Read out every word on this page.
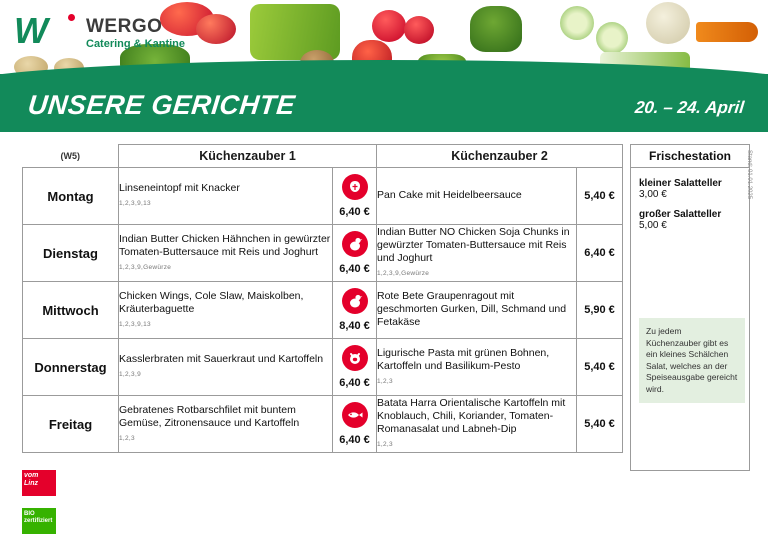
W WERGO
Catering & Kantine
UNSERE GERICHTE	20. – 24. April
(W5)	Küchenzauber 1		Küchenzauber 2	
Montag	Linseneintopf mit Knacker
1,2,3,9,13	6,40 €	Pan Cake mit Heidelbeersauce	5,40 €
Dienstag	Indian Butter Chicken Hähnchen in gewürzter Tomaten-Buttersauce mit Reis und Joghurt
1,2,3,9,Gewürze	6,40 €	Indian Butter NO Chicken Soja Chunks in gewürzter Tomaten-Buttersauce mit Reis und Joghurt
1,2,3,9,Gewürze	6,40 €
Mittwoch	Chicken Wings, Cole Slaw, Maiskolben, Kräuterbaguette
1,2,3,9,13	8,40 €	Rote Bete Graupenragout mit geschmorten Gurken, Dill, Schmand und Fetakäse	5,90 €
Donnerstag	Kasslerbraten mit Sauerkraut und Kartoffeln
1,2,3,9	6,40 €	Ligurische Pasta mit grünen Bohnen, Kartoffeln und Basilikum-Pesto
1,2,3	5,40 €
Freitag	Gebratenes Rotbarschfilet mit buntem Gemüse, Zitronensauce und Kartoffeln
1,2,3	6,40 €	Batata Harra Orientalische Kartoffeln mit Knoblauch, Chili, Koriander, Tomaten-Romanasalat und Labneh-Dip
1,2,3	5,40 €
Frischestation
kleiner Salatteller
3,00 €
großer Salatteller
5,00 €
Zu jedem Küchenzauber gibt es ein kleines Schälchen Salat, welches an der Speiseausgabe gereicht wird.
Stand: 01.01.2025
vom Linz
BIO zertifiziert
